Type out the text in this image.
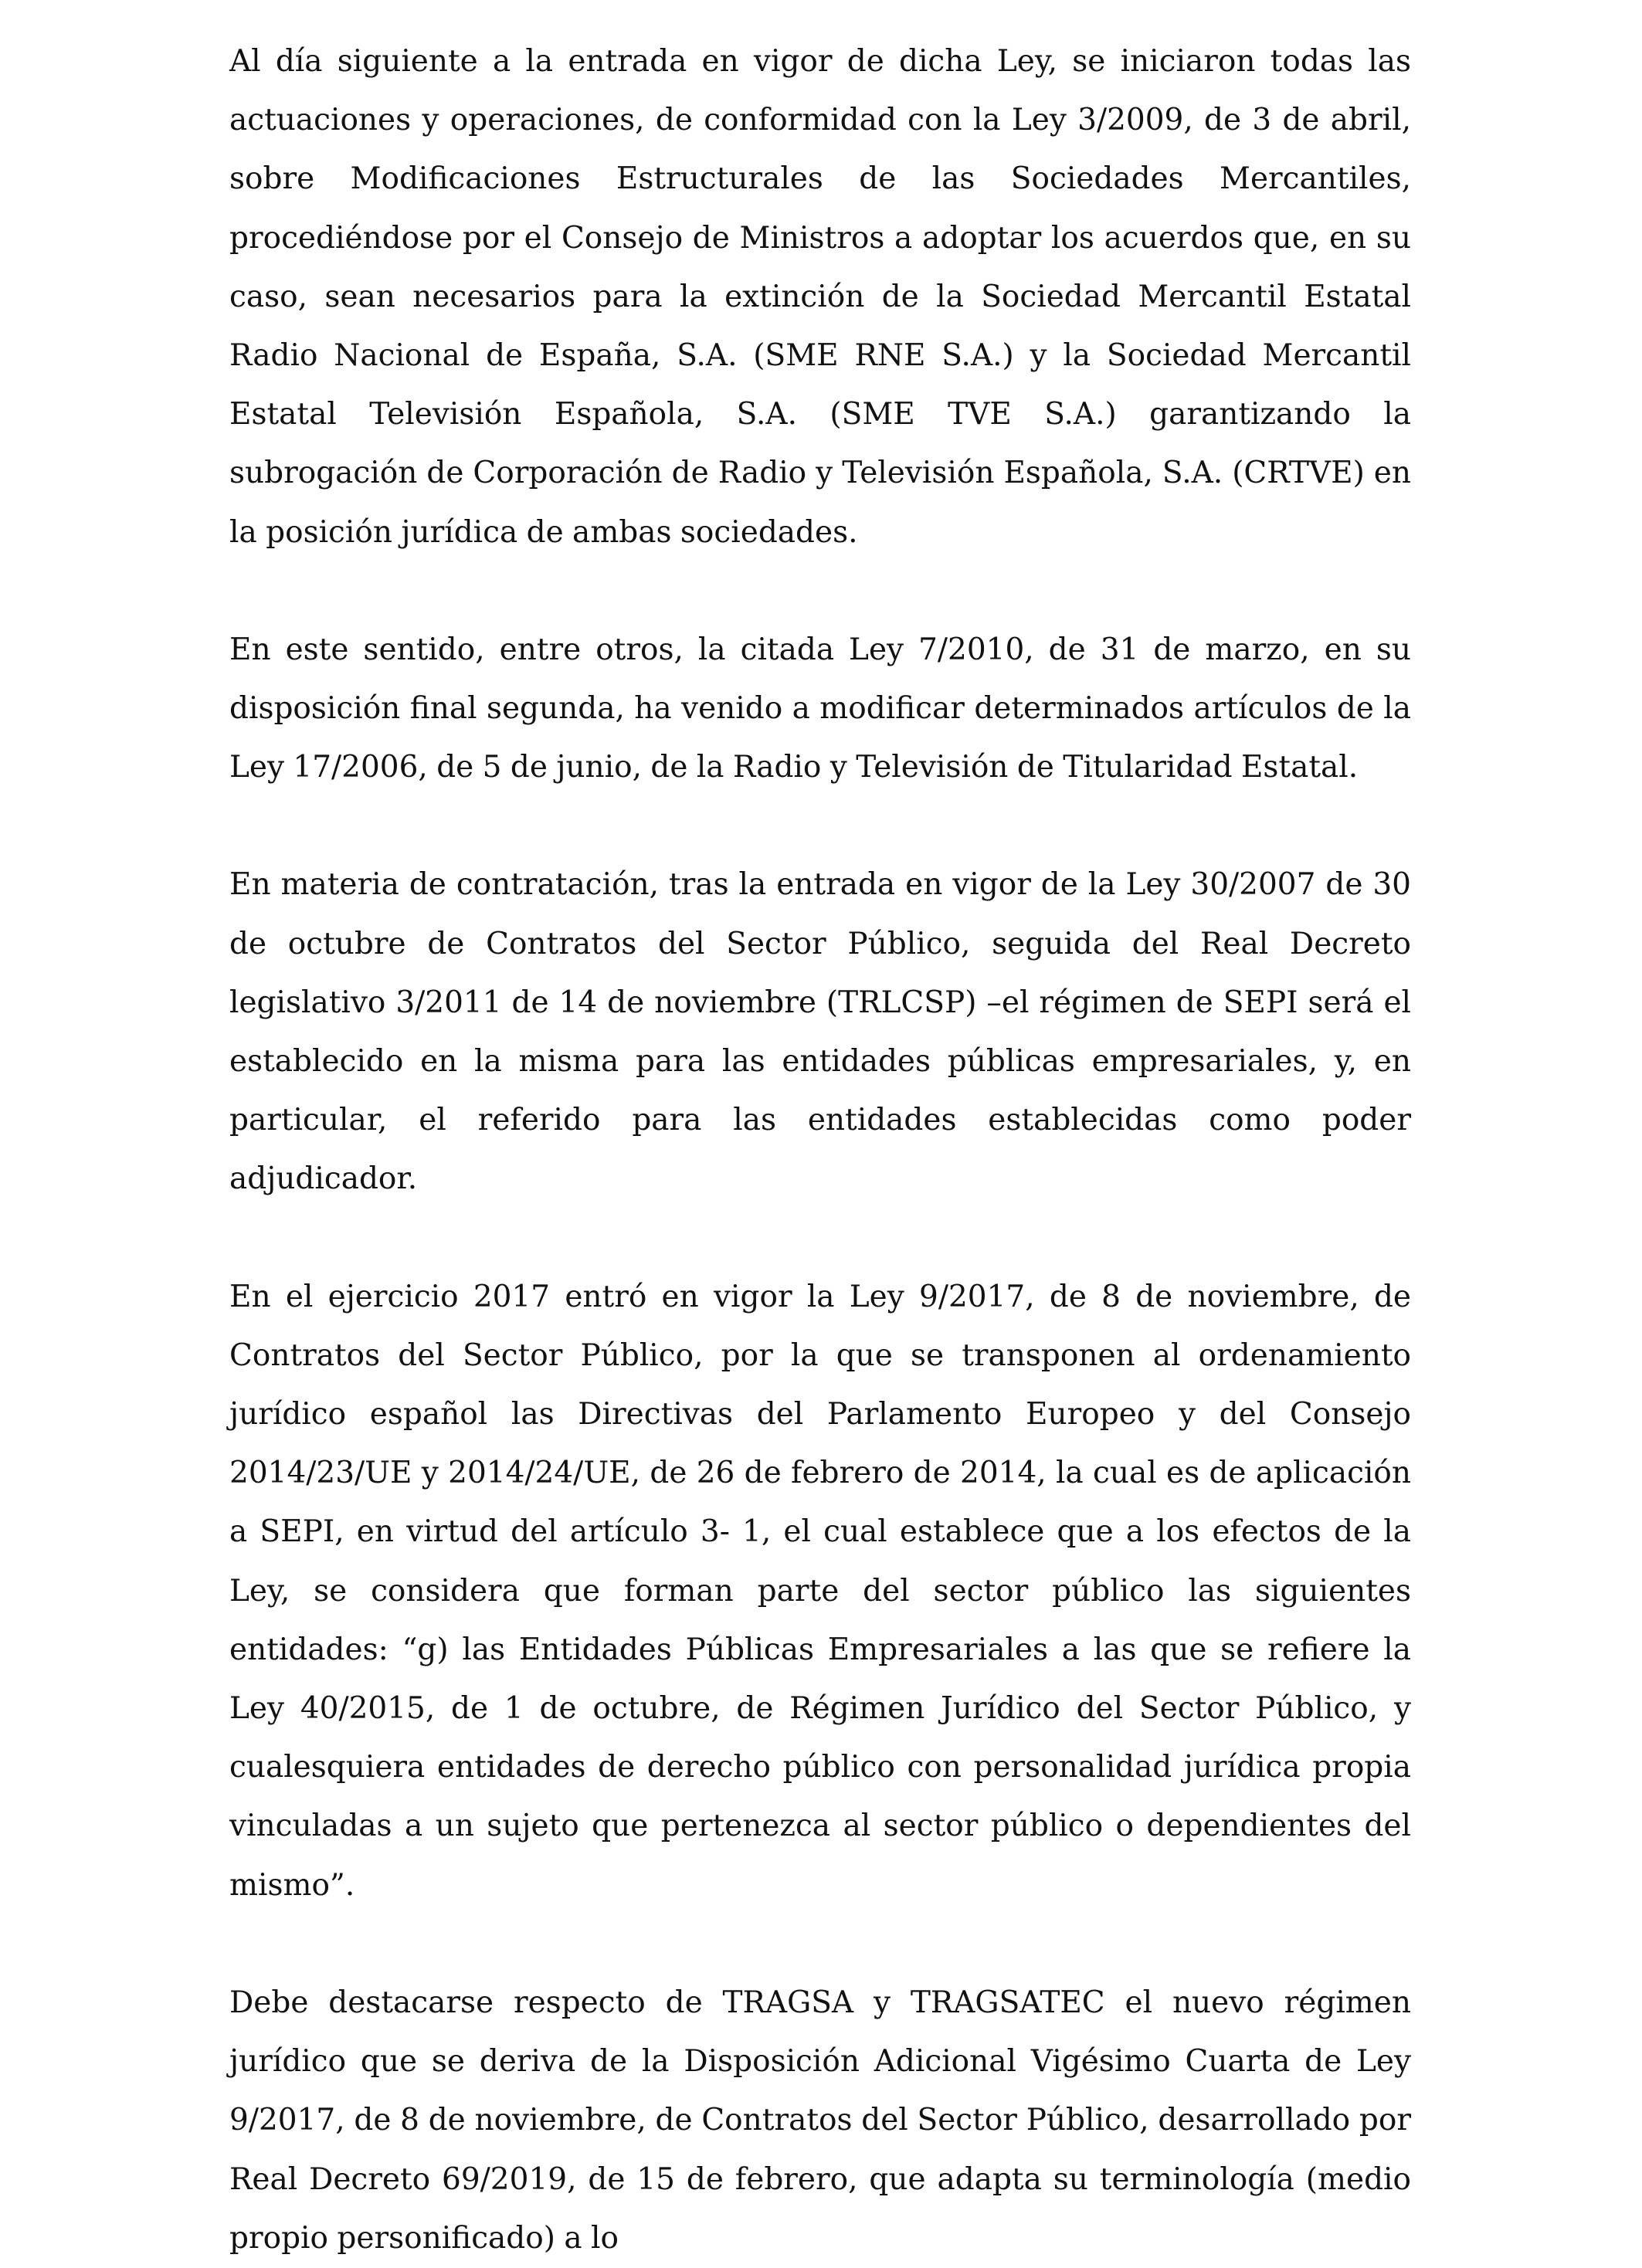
Al día siguiente a la entrada en vigor de dicha Ley, se iniciaron todas las actuaciones y operaciones, de conformidad con la Ley 3/2009, de 3 de abril, sobre Modificaciones Estructurales de las Sociedades Mercantiles, procediéndose por el Consejo de Ministros a adoptar los acuerdos que, en su caso, sean necesarios para la extinción de la Sociedad Mercantil Estatal Radio Nacional de España, S.A. (SME RNE S.A.) y la Sociedad Mercantil Estatal Televisión Española, S.A. (SME TVE S.A.) garantizando la subrogación de Corporación de Radio y Televisión Española, S.A. (CRTVE) en la posición jurídica de ambas sociedades.

En este sentido, entre otros, la citada Ley 7/2010, de 31 de marzo, en su disposición final segunda, ha venido a modificar determinados artículos de la Ley 17/2006, de 5 de junio, de la Radio y Televisión de Titularidad Estatal.

En materia de contratación, tras la entrada en vigor de la Ley 30/2007 de 30 de octubre de Contratos del Sector Público, seguida del Real Decreto legislativo 3/2011 de 14 de noviembre (TRLCSP) –el régimen de SEPI será el establecido en la misma para las entidades públicas empresariales, y, en particular, el referido para las entidades establecidas como poder adjudicador.

En el ejercicio 2017 entró en vigor la Ley 9/2017, de 8 de noviembre, de Contratos del Sector Público, por la que se transponen al ordenamiento jurídico español las Directivas del Parlamento Europeo y del Consejo 2014/23/UE y 2014/24/UE, de 26 de febrero de 2014, la cual es de aplicación a SEPI, en virtud del artículo 3- 1, el cual establece que a los efectos de la Ley, se considera que forman parte del sector público las siguientes entidades: “g) las Entidades Públicas Empresariales a las que se refiere la Ley 40/2015, de 1 de octubre, de Régimen Jurídico del Sector Público, y cualesquiera entidades de derecho público con personalidad jurídica propia vinculadas a un sujeto que pertenezca al sector público o dependientes del mismo”.

Debe destacarse respecto de TRAGSA y TRAGSATEC el nuevo régimen jurídico que se deriva de la Disposición Adicional Vigésimo Cuarta de Ley 9/2017, de 8 de noviembre, de Contratos del Sector Público, desarrollado por Real Decreto 69/2019, de 15 de febrero, que adapta su terminología (medio propio personificado) a lo
